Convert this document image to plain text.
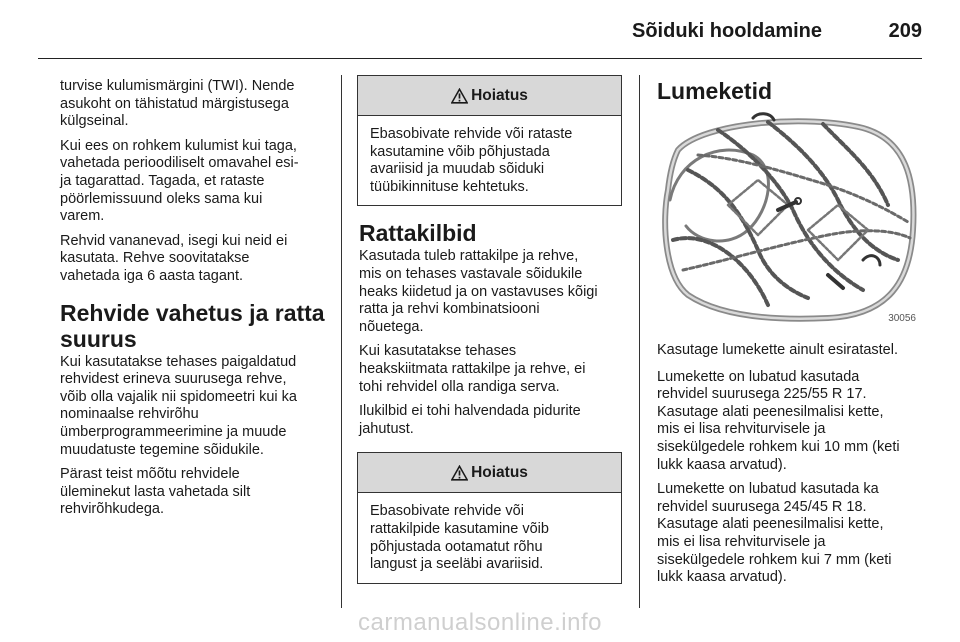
Sõiduki hooldamine	209

turvise kulumismärgini (TWI). Nende
asukoht on tähistatud märgistusega
külgseinal.

Kui ees on rohkem kulumist kui taga,
vahetada perioodiliselt omavahel esi-
ja tagarattad. Tagada, et rataste
pöörlemissuund oleks sama kui
varem.

Rehvid vananevad, isegi kui neid ei
kasutata. Rehve soovitatakse
vahetada iga 6 aasta tagant.

Rehvide vahetus ja ratta
suurus

Kui kasutatakse tehases paigaldatud
rehvidest erineva suurusega rehve,
võib olla vajalik nii spidomeetri kui ka
nominaalse rehvirõhu
ümberprogrammeerimine ja muude
muudatuste tegemine sõidukile.

Pärast teist mõõtu rehvidele
üleminekut lasta vahetada silt
rehvirõhkudega.

Hoiatus

Ebasobivate rehvide või rataste
kasutamine võib põhjustada
avariisid ja muudab sõiduki
tüübikinnituse kehtetuks.

Rattakilbid

Kasutada tuleb rattakilpe ja rehve,
mis on tehases vastavale sõidukile
heaks kiidetud ja on vastavuses kõigi
ratta ja rehvi kombinatsiooni
nõuetega.

Kui kasutatakse tehases
heakskiitmata rattakilpe ja rehve, ei
tohi rehvidel olla randiga serva.

Ilukilbid ei tohi halvendada pidurite
jahutust.

Hoiatus

Ebasobivate rehvide või
rattakilpide kasutamine võib
põhjustada ootamatut rõhu
langust ja seeläbi avariisid.

Lumeketid
30056

Kasutage lumekette ainult esiratastel.

Lumekette on lubatud kasutada
rehvidel suurusega 225/55 R 17.
Kasutage alati peenesilmalisi kette,
mis ei lisa rehviturvisele ja
sisekülgedele rohkem kui 10 mm (keti
lukk kaasa arvatud).

Lumekette on lubatud kasutada ka
rehvidel suurusega 245/45 R 18.
Kasutage alati peenesilmalisi kette,
mis ei lisa rehviturvisele ja
sisekülgedele rohkem kui 7 mm (keti
lukk kaasa arvatud).

carmanualsonline.info
